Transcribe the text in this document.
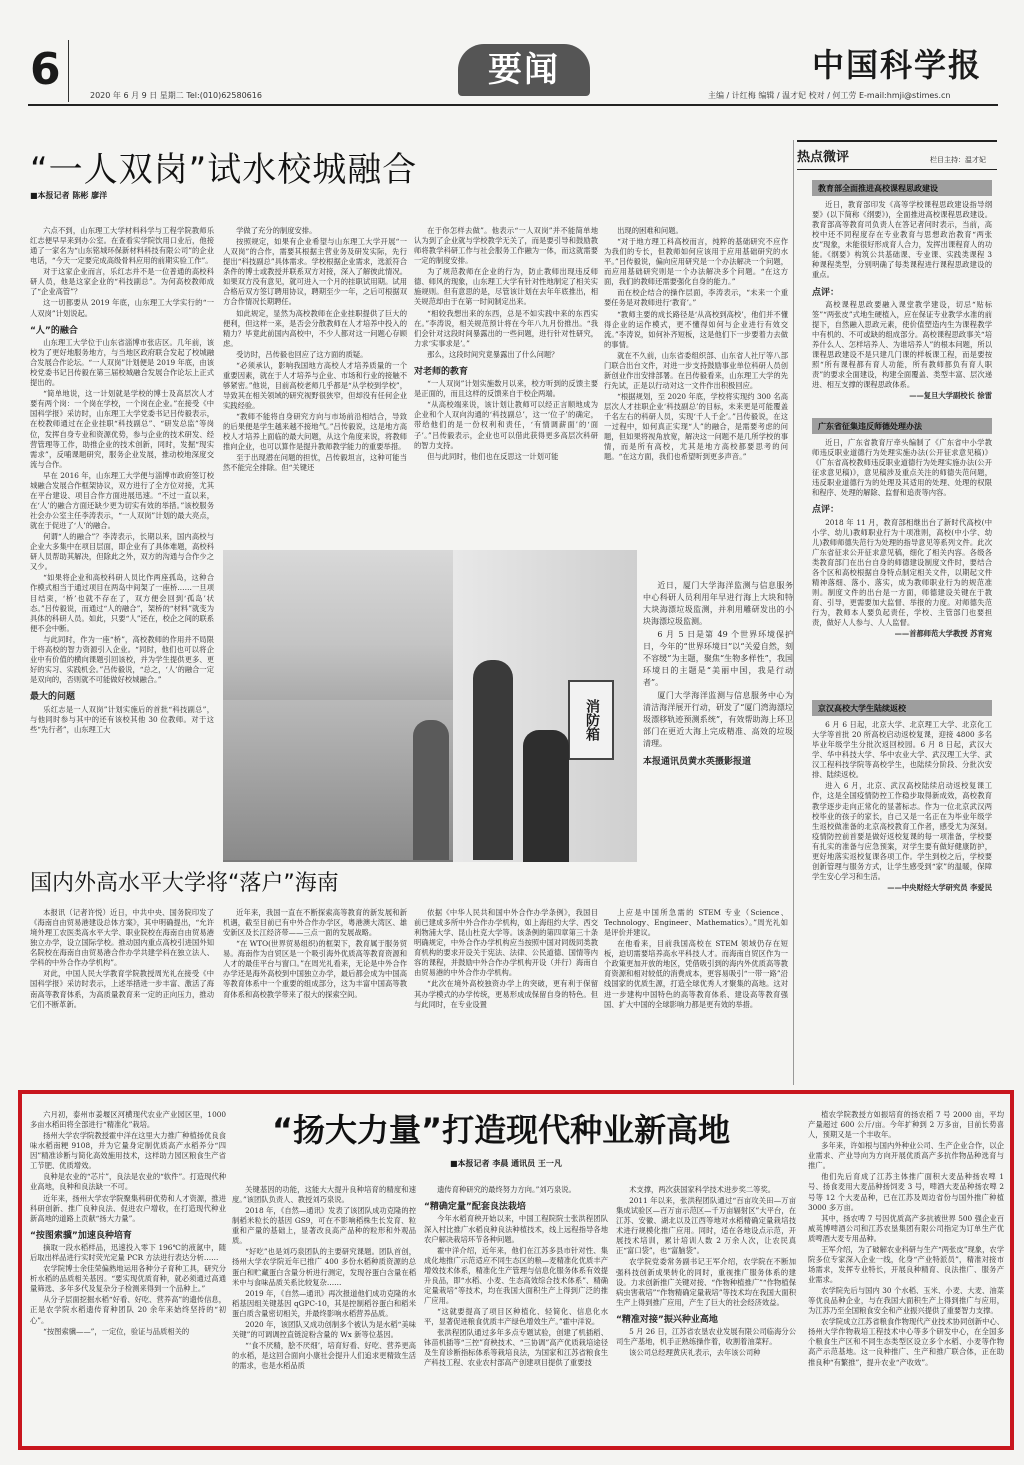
6
2020 年 6 月 9 日 星期二 Tel:(010)62580616
要闻	中国科学报
主编 / 计红梅 编辑 / 温才妃 校对 / 何工劳 E-mail:hmji@stimes.cn
“一人双岗”试水校城融合
■本报记者 陈彬 廖洋

六点不到，山东理工大学材料科学与工程学院教师乐红志便早早来到办公室。在查看实学院饮用口业后，他接通了一家名为“山东铭城环保新材料科技有限公司”的企业电话，“今天一定要完成高级骨料应用的前期实验工作”。

对于这家企业而言，乐红志并不是一位普通的高校科研人员，他是这家企业的“科技副总”。为何高校教师成了“企业高管”？

这一切都要从 2019 年底，山东理工大学实行的“一人双岗”计划说起。

“人”的融合

山东理工大学位于山东省淄博市张店区。几年前，该校为了更好地服务地方，与当地区政府联合发起了校城融合发展合作论坛。“一人双岗”计划便是 2019 年底，由该校党委书记吕传毅在第三届校城融合发展合作论坛上正式提出的。

“简单地说，这一计划就是学校的博士及高层次人才要有两个岗：一个岗在学校，一个岗在企业。”在接受《中国科学报》采访时，山东理工大学党委书记吕传毅表示，在校教师通过在企业挂职“科技副总”、“研发总监”等岗位，发挥自身专业和资源优势，参与企业的技术研发、经营管理等工作，助推企业的技术创新，同时，发掘“现实需求”，反哺课题研究，服务企业发展，推动校地深度交流与合作。

早在 2016 年，山东理工大学便与淄博市政府签订校城融合发展合作框架协议，双方进行了全方位对接，尤其在平台建设、项目合作方面进展迅速。“不过一直以来，在‘人’的融合方面还缺少更为切实有效的举措。”该校服务社会办公室主任李涛表示，“一人双岗”计划的最大亮点，就在于促进了‘人’的融合。

何谓“人的融合”？李涛表示，长期以来，国内高校与企业大多集中在项目层面，即企业有了具体难题，高校科研人员帮助其解决，但除此之外，双方的沟通与合作少之又少。

“如果将企业和高校科研人员比作两座孤岛，这种合作模式相当于通过项目在两岛中间架了一座桥……一旦项目结束，‘桥’也就不存在了，双方便会回到‘孤岛’状态。”吕传毅说，而通过“人的融合”，架桥的“材料”就变为具体的科研人员。如此，只要“人”还在，校企之间的联系便不会中断。

与此同时，作为一座“桥”，高校教师的作用并不局限于将高校的智力资源引入企业。“同时，他们也可以将企业中有价值的横向课题引回该校，并为学生提供更多、更好的实习、实践机会。”吕传毅说，“总之，‘人’的融合一定是双向的，否则就不可能做好校城融合。”

最大的问题

乐红志是一人双岗”计划实施后的首批“科技副总”，与他同时参与其中的还有该校其他 30 位教师。对于这些“先行者”，山东理工大

学做了充分的制度安排。

按照规定，如果有企业希望与山东理工大学开展“一人双岗”的合作，需要其根据主营业务及研发实际，先行提出“科技副总”具体需求。学校根据企业需求，选派符合条件的博士或教授并联系双方对接，深入了解彼此情况。如果双方没有意见，就可进入一个月的挂职试用期。试用合格后双方签订聘用协议，聘期至少一年，之后可根据双方合作情况长期聘任。

如此规定，显然为高校教师在企业挂职提供了巨大的便利，但这样一来，是否会分散教师在人才培养中投入的精力？毕竟此前国内高校中，不少人都对这一问题心存顾虑。

受访时，吕传毅也回应了这方面的质疑。

“必须承认，影响我国地方高校人才培养质量的一个重要因素，就在于人才培养与企业、市场和行业的接触不够紧密。”他说，目前高校老师几乎都是“从学校到学校”，导致其在相关领域的研究视野很狭窄，但却没有任何企业实践经验。

“教师不能将自身研究方向与市场前沿相结合，导致的后果便是学生越来越不接地气。”吕传毅说，这是地方高校人才培养上面临的最大问题，从这个角度来说，将教师推向企业，也可以算作是提升教师教学能力的重要举措。

至于出现潜在问题的担忧，吕传毅坦言，这种可能当然不能完全排除。但“关键还

在于你怎样去做”。他表示“一人双岗”并不能简单地认为到了企业就与学校教学无关了，而是要引导和鼓励教师将教学科研工作与社会服务工作融为一体，而这就需要一定的制度安排。

为了规范教师在企业的行为，防止教师出现违反师德、师风的现象，山东理工大学有针对性地制定了相关实施规则。但有意思的是，尽管该计划在去年年底推出，相关规范却由于在第一时间制定出来。

“相较我想出来的东西，总是不如实践中来的东西实在。”李涛说，相关规范预计将在今年八九月份推出。“我们会针对这段时间暴露出的一些问题，进行针对性研究，力求‘实事求是’。”

那么，这段时间究竟暴露出了什么问题？

对老师的教育

“一人双岗”计划实施数月以来，校方听到的反馈主要是正面的，而且这样的反馈来自于校企两端。

“从高校端来说，该计划让教师可以经正言顺地成为企业和个人双向沟通的‘科技副总’，这一‘位子’的确定，带给他们的是一份权利和责任，‘有情调薪面’的‘面子’。”吕传毅表示，企业也可以借此获得更多高层次科研的智力支持。

但与此同时，他们也在反思这一计划可能

出现的困难和问题。

“对于地方理工科高校而言，纯粹的基础研究不应作为我们的专长，但教师如何应该用于应用基础研究的水平。”吕传毅说，偏向应用研究是一个办法解决一个问题，而应用基础研究则是一个办法解决多个问题。“在这方面，我们的教师还需要强化自身的能力。”

而在校企结合的操作层面，李涛表示，“未来一个重要任务是对教师进行‘教育’。”

“教师主要的成长路径是‘从高校到高校’，他们并不懂得企业的运作模式，更不懂得如何与企业进行有效交流。”李涛说，如何补齐短板，这是他们下一步要着力去做的事情。

就在不久前，山东省委组织部、山东省人社厅等八部门联合出台文件，对进一步支持鼓励事业单位科研人员创新创业作出安排部署。在吕传毅看来，山东理工大学的先行先试，正是以行动对这一文件作出积极回应。

“根据规划，至 2020 年底，学校将实现约 300 名高层次人才挂职企业‘科技副总’的目标，未来更是可能覆盖千名左右的科研人员，实现‘千人千企’。”吕传毅说，在这一过程中，如何真正实现“人”的融合，是需要考虑的问题，但如果将视角放宽，解决这一问题不是几所学校的事情，而是所有高校，尤其是地方高校都要思考的问题。“在这方面，我们也希望听到更多声音。”

消防箱

近日，厦门大学海洋监测与信息服务中心科研人员利用年早进行海上大块和特大块海漂垃圾监测，并利用雕研发出的小块海漂垃圾监测。

6 月 5 日是第 49 个世界环境保护日，今年的“世界环境日”以“关爱自然，刻不容缓”为主题，聚焦“生物多样性”，我国环境日的主题是“美丽中国，我是行动者”。

厦门大学海洋监测与信息服务中心为清洁海洋展开行动，研发了“厦门湾海漂垃圾漂移轨迹预测系统”，有效帮助海上环卫部门在更近大海上完成精准、高效的垃圾清理。

本报通讯员黄水英摄影报道

热点微评	栏目主持：温才妃
教育部全面推进高校课程思政建设

近日，教育部印发《高等学校课程思政建设指导纲要》(以下简称《纲要》)，全面推进高校课程思政建设。教育部高等教育司负责人在答记者问时表示，当前，高校中还不同程度存在专业教育与思想政治教育“两张皮”现象，未能很好形成育人合力，发挥出课程育人的功能。《纲要》构筑公共基础课、专业课、实践类课程 3 种课程类型，分别明确了每类课程进行课程思政建设的重点。

点评：

高校课程思政要融入课堂教学建设，切忌“贴标签”“两张皮”式地生硬植入，应在保证专业教学水准的前提下，自然融入思政元素，使价值塑造内生为课程教学中有机的、不可或缺的组成部分。高校课程思政事关“培养什么人、怎样培养人、为谁培养人”的根本问题，所以课程思政建设不是只建几门课的样板课工程，而是要按照“所有课程都有育人功能，所有教师都负有育人职责”的要求全面建设，构建全面覆盖、类型丰富、层次递进、相互支撑的课程思政体系。

——复旦大学副校长 徐雷

广东省征集违反师德处理办法

近日，广东省教育厅牵头编制了《广东省中小学教师违反职业道德行为处理实施办法(公开征求意见稿)》《广东省高校教师违反职业道德行为处理实施办法(公开征求意见稿)》，意见稿涉及重点关注的师德失范问题，违反职业道德行为的处理及其适用的处理、处理的权限和程序、处理的解除、监督和追责等内容。

点评：

2018 年 11 月，教育部相继出台了新时代高校(中小学、幼儿)教师职业行为十项准则，高校(中小学、幼儿)教师师德失范行为处理的指导意见等系列文件。此次广东省征求公开征求意见稿，细化了相关内容。各级各类教育部门在出台自身的师德建设制度文件时，要结合各个区和高校根据自身特点制定相关文件，以期起文件精神落细、落小、落实，成为教师职业行为的规范准则。制度文件的出台是一方面，师德建设关键在于教育、引导，更需要加大监督、举报的力度。对师德失范行为，教师本人要负起责任，学校、主管部门也要担责，做好人人参与、人人监督。

——首都师范大学教授 苏宵宛

京汉高校大学生陆续返校

6 月 6 日起，北京大学、北京理工大学、北京化工大学等首批 20 所高校启动返校复课，迎接 4800 多名毕业年级学生分批次返回校园。6 月 8 日起，武汉大学、华中科技大学、华中农业大学、武汉理工大学、武汉工程科技学院等高校学生，也陆续分阶段、分批次安排、陆续返校。

进入 6 月，北京、武汉高校陆续启动返校复课工作，这是全国疫情防控工作稳步取得新成效，高校教育教学逐步走向正常化的显著标志。作为一位北京武汉两校毕业的孩子的家长，自己又是一名正在为毕业年级学生返校做准备的北京高校教育工作者，感受尤为深刻。疫情防控前首要是做好返校复课的每一项准备，学校要有扎实的准备与应急预案，对学生要有做好健康防护，更好地落实返校复课各项工作。学生到校之后，学校要创新管理与服务方式，让学生感受到“家”的温暖，保障学生安心学习和生活。

——中央财经大学研究员 李爱民

国内外高水平大学将“落户”海南

本报讯（记者许悦）近日，中共中央、国务院印发了《海南自由贸易港建设总体方案》，其中明确提出，“允许境外理工农医类高水平大学、职业院校在海南自由贸易港独立办学，设立国际学校。推动国内重点高校引进国外知名院校在海南自由贸易港合作办学共建学科在独立法人、学科的中外合作办学机构”。

对此，中国人民大学教育学院教授周光礼在接受《中国科学报》采访时表示，上述举措进一步丰富、激活了海南高等教育体系，为高质量教育来一定的正向压力，推动它们不断革新。

近年来，我国一直在不断探索高等教育的新发展和新机遇，截至目前已有中外合作办学区，粤港澳大湾区、雄安新区及长江经济带——三点一面的发展战略。

“在 WTO(世界贸易组织)的框架下，教育属于服务贸易。海南作为自贸区是一个吸引海外优质高等教育资源和人才的最佳平台与窗口。”在周光礼看来，无论是中外合作办学还是海外高校到中国独立办学，最后都会成为中国高等教育体系中一个重要的组成部分，这为丰富中国高等教育体系和高校教学带来了很大的探索空间。

依据《中华人民共和国中外合作办学条例》，我国目前已建成多所中外合作办学机构，如上海纽约大学、西交利物浦大学、昆山杜克大学等。该条例的第四章第三十条明确规定，中外合作办学机构应当按照中国对同级同类教育机构的要求开设关于宪法、法律、公民道德、国情等内容的课程，并鼓励中外合作办学机构开设（并行）海南自由贸易港的中外合作办学机构。

“此次在境外高校独资办学上的突破，更有利于保留其办学模式的办学传统，更易形成成保留自身的特色。但与此同时，在专业设置

上应是中国所急需的 STEM 专业（Science、Technology、Engineer、Mathematics）。”周光礼如是评价并建议。

在他看来，目前我国高校在 STEM 领域仍存在短板，迫切需要培养高水平科技人才。而海南自贸区作为一个政策更加开放的地区，凭借吸引到的海内外优质高等教育资源和相对较低的消费成本，更容易吸引“一带一路”沿线国家的优质生源，打造全球优秀人才聚集的高地。这对进一步建构中国特色的高等教育体系、建设高等教育强国、扩大中国的全球影响力都是更有效的举措。

“扬大力量”打造现代种业新高地
■本报记者 李晨 通讯员 王一凡

六月初，泰州市姜堰区河横现代农业产业园区里，1000 多亩水稻田将全部进行“精准化”栽培。

扬州大学农学院教授霍中洋在这里大力推广种植扬优良食味水稻南粳 9108，并为它量身定制优质高产水稻养分“四因”精准诊断与简化高效施用技术，这样助力园区粮食生产省工节肥、优质增效。

良种是农业的“芯片”，良法是农业的“软件”。打造现代种业高地，良种和良法缺一不可。

近年来，扬州大学农学院聚集科研优势和人才资源，推进科研创新、推广良种良法、促进农户增收，在打造现代种业新高地的道路上贡献“扬大力量”。

“按图索骥”加速良种培育

摘取一段水稻样品，迅速投入零下 196℃的液氮中，随后取出样品进行实时荧光定量 PCR 方法进行表达分析……

农学院博士余佳荣偏熟地运用各种分子育种工具，研究分析水稻的品质相关基因。“要实现优质育种，就必须通过高通量筛选、多年多代及复杂分子检测来得到一个品种上。”

从分子层面挖掘水稻“好看、好吃、营养高”的遗传信息，正是农学院水稻遗传育种团队 20 余年来始终坚持的“初心”。

“按图索骥——”，一定位，验证与品质相关的

关键基因的功能，这能大大提升良种培育的精度和速度。”该团队负责人、教授刘巧泉说。

2018 年，《自然—通讯》发表了该团队成功克隆的控制稻米粒长的基因 GS9，可在不影响稻株生长发育、粒重和产量的基础上，显著改良高产品种的粒形和外观品质。

“好吃”也是刘巧泉团队的主要研究课题。团队首创，扬州大学农学院近年已推广 400 多份水稻种质资源的总蛋白和贮藏蛋白含量分析进行测定，发现谷蛋白含量在稻米中与食味品质关系比较复杂……

2019 年，《自然—通讯》再次报道他们成功克隆的水稻基因组关键基因 qGPC-10，其是控制稻谷蛋白和稻米蛋白质含量密切相关，并最终影响水稻营养品质。

2020 年，该团队又成功创制多个被认为是水稻“美味关键”的可调调控直链淀粉含量的 Wx 新等位基因。

“‘食不厌精，脍不厌细’，培育好看、好吃、营养更高的水稻，是这回合面向小康社会提升人们追求更精致生活的需求，也是水稻品质

遗传育种研究的最终努力方向。”刘巧泉说。

“精确定量”配套良法栽培

今年水稻育秧开始以来，中国工程院院士张洪程团队深入村比推广水稻良种良法种植技术，线上远程指导各地农户解决栽培环节各种问题。

霍中洋介绍，近年来，他们在江苏多县市针对性、集成化地推广示范适应不同生态区的粮—麦精准化优质丰产增效技术体系，精准化生产管理与信息化服务体系有效提升良品，即“水稻、小麦、生态高效综合技术体系”、精确定量栽培”等技术，均在我国大面积生产上得到广泛的推广应用。

“这就要提高了项目区种植化、轻简化、信息化水平，显著促进粮食优质丰产绿色增效生产。”霍中洋说。

张洪程团队通过多年多点专题试验，创建了机插稻、钵苗机插等“三控”育秧技术、“三协调”高产优质栽培途径及生育诊断指标体系等栽培良法，为国家和江苏省粮食生产科技工程、农业农村部高产创建项目提供了重要技

术支撑，两次获国家科学技术进步奖二等奖。

2011 年以来，张洪程团队通过“百亩攻关田—万亩集成试验区—百万亩示范区—千万亩辐射区”大平台，在江苏、安徽、湖北以及江西等地对水稻精确定量栽培技术进行规模化推广应用。同时，适在各地设点示范，开展技术培训，累计培训人数 2 万余人次，让农民真正“富口袋”，也“富脑袋”。

农学院党委常务副书记王军介绍，农学院在不断加强科技创新成果转化的同时，重视推广服务体系的建设。力求创新推广关键对接、“作物种植推广”“作物植保病虫害栽培”“作物精确定量栽培”等技术均在我国大面积生产上得到推广应用，产生了巨大的社会经济效益。

“精准对接”振兴种业高地

5 月 26 日，江苏省农垦农业发展有限公司临海分公司生产基地，机手正熟练操作着，收割着油菜籽。

该公司总经理黄庆礼表示，去年该公司种

植农学院教授方如振培育的扬农稻 7 号 2000 亩，平均产量超过 600 公斤/亩。今年扩种到 2 万多亩，目前长势喜人，预期又是一个丰收年。

多年来，许如根与国内外种业公司、生产企业合作，以企业需求、产业导向为方向开展优质高产多抗作物品种选育与推广。

他们先后育成了江苏主体推广面积大麦品种扬农啤 1 号、扬食麦用大麦品种扬饲麦 3 号，啤酒大麦品种扬农啤 2 号等 12 个大麦品种，已在江苏及周边省份与国外推广种植 3000 多万亩。

其中，扬农啤 7 号因优质高产多抗被世界 500 强企业百威英博啤酒公司和江苏农垦集团有限公司指定为订单生产优质啤酒大麦专用品种。

王军介绍，为了破解农业科研与生产“两张皮”现象，农学院多位专家深入企业一线，化身“产业特派员”，精准对接市场需求，发挥专业特长，开展良种精育、良法推广、服务产业需求。

农学院先后与国内 30 个水稻、玉米、小麦、大麦、油菜等优良品种企业，与在我国大面积生产上得到推广与应用，为江苏乃至全国粮食安全和产业振兴提供了重要智力支撑。

农学院成立江苏省粮食作物现代产业技术协同创新中心、扬州大学作物栽培工程技术中心等多个研发中心，在全国多个粮食生产区和不同生态类型区设立多个水稻、小麦等作物高产示范基地。这一良种推广、生产和推广联合体，正在助推良种“有繁推”，提升农业“产收效”。
